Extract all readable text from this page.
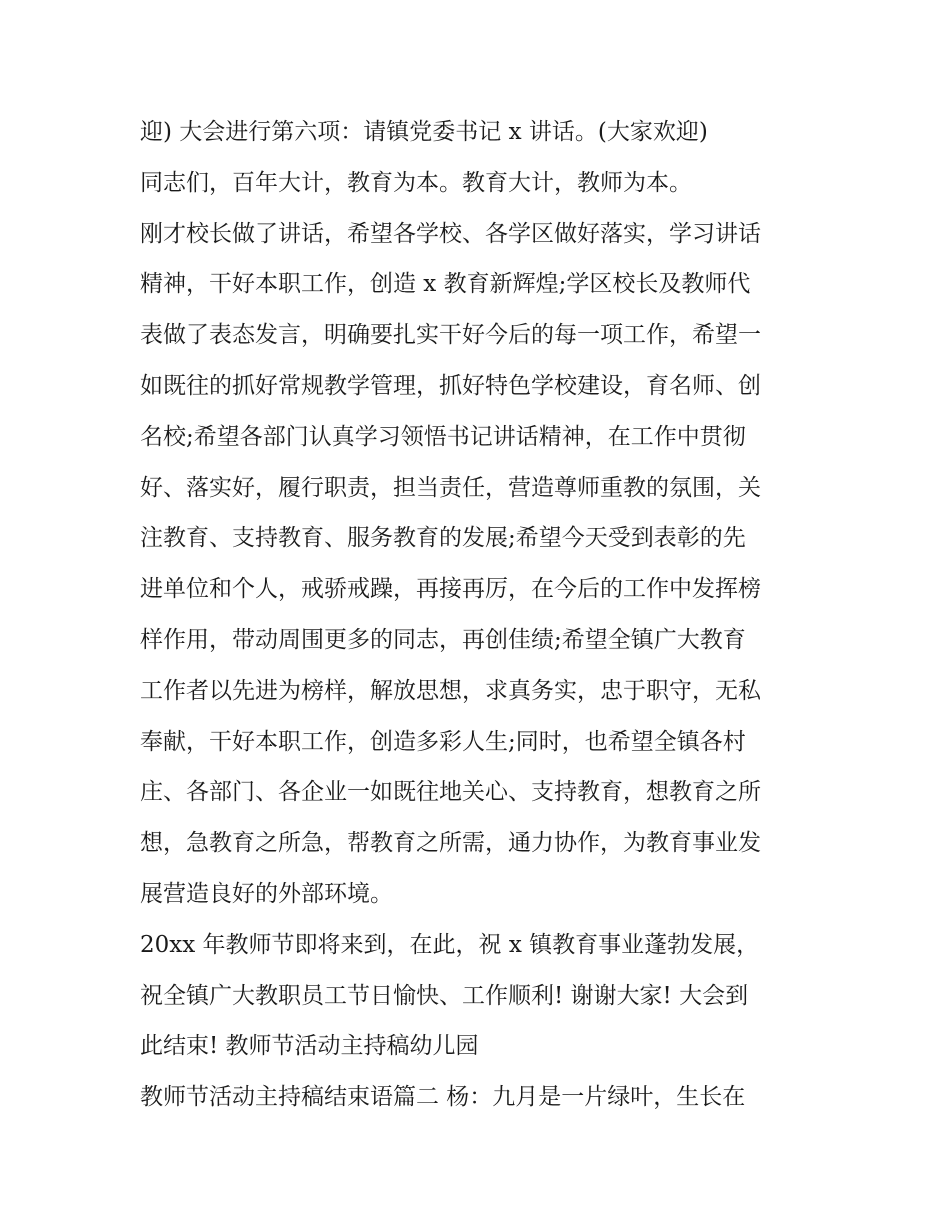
迎) 大会进行第六项：请镇党委书记 x 讲话。(大家欢迎)

同志们，百年大计，教育为本。教育大计，教师为本。

刚才校长做了讲话，希望各学校、各学区做好落实，学习讲话

精神，干好本职工作，创造 x 教育新辉煌;学区校长及教师代

表做了表态发言，明确要扎实干好今后的每一项工作，希望一

如既往的抓好常规教学管理，抓好特色学校建设，育名师、创

名校;希望各部门认真学习领悟书记讲话精神，在工作中贯彻

好、落实好，履行职责，担当责任，营造尊师重教的氛围，关

注教育、支持教育、服务教育的发展;希望今天受到表彰的先

进单位和个人，戒骄戒躁，再接再厉，在今后的工作中发挥榜

样作用，带动周围更多的同志，再创佳绩;希望全镇广大教育

工作者以先进为榜样，解放思想，求真务实，忠于职守，无私

奉献，干好本职工作，创造多彩人生;同时，也希望全镇各村

庄、各部门、各企业一如既往地关心、支持教育，想教育之所

想，急教育之所急，帮教育之所需，通力协作，为教育事业发

展营造良好的外部环境。

20xx 年教师节即将来到，在此，祝 x 镇教育事业蓬勃发展，

祝全镇广大教职员工节日愉快、工作顺利! 谢谢大家! 大会到

此结束! 教师节活动主持稿幼儿园

教师节活动主持稿结束语篇二 杨：九月是一片绿叶，生长在
